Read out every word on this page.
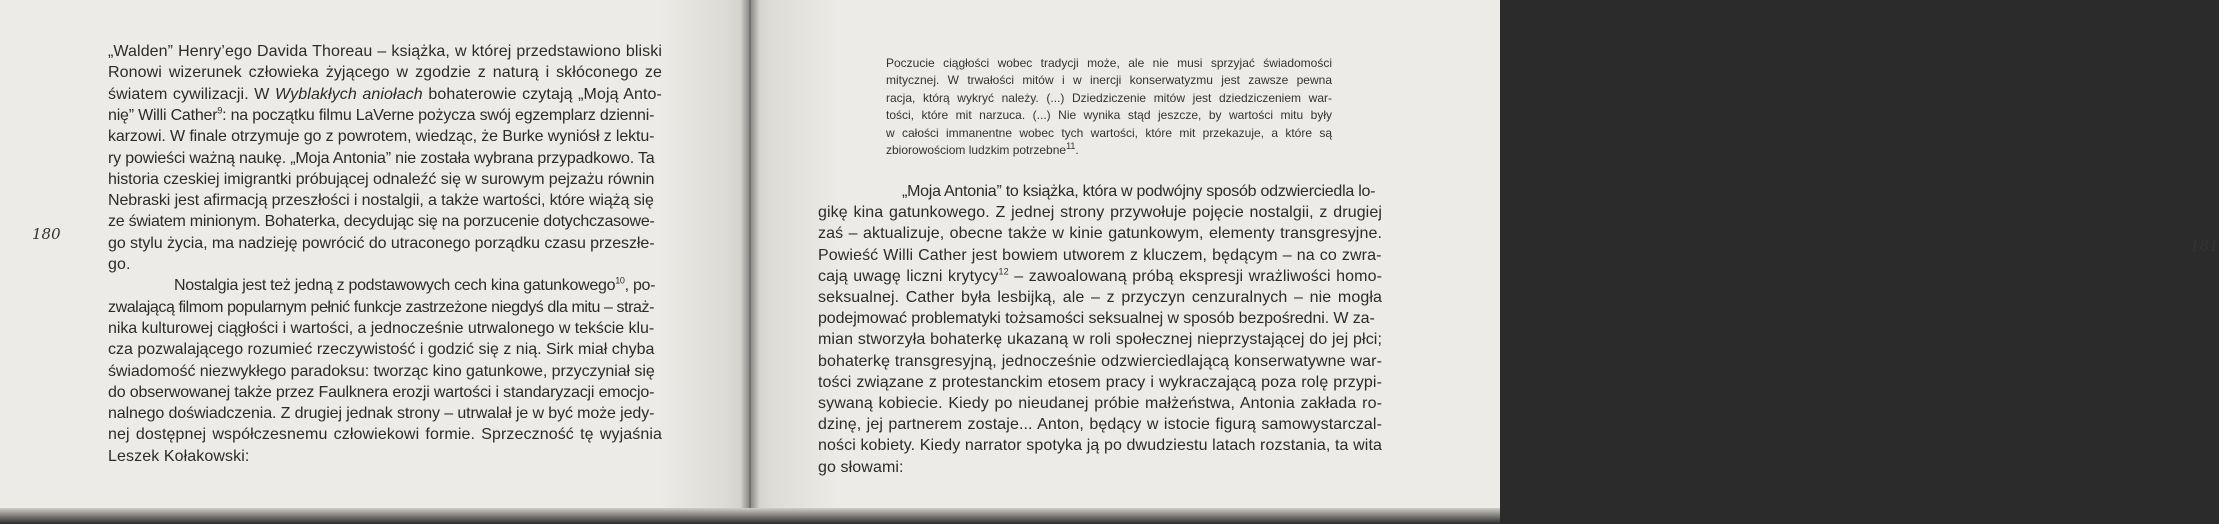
180
„Walden” Henry’ego Davida Thoreau – książka, w której przedstawiono bliski
Ronowi wizerunek człowieka żyjącego w zgodzie z naturą i skłóconego ze
światem cywilizacji. W Wyblakłych aniołach bohaterowie czytają „Moją Anto-
nię” Willi Cather$^9$: na początku filmu LaVerne pożycza swój egzemplarz dzienni-
karzowi. W finale otrzymuje go z powrotem, wiedząc, że Burke wyniósł z lektu-
ry powieści ważną naukę. „Moja Antonia” nie została wybrana przypadkowo. Ta
historia czeskiej imigrantki próbującej odnaleźć się w surowym pejzażu równin
Nebraski jest afirmacją przeszłości i nostalgii, a także wartości, które wiążą się
ze światem minionym. Bohaterka, decydując się na porzucenie dotychczasowe-
go stylu życia, ma nadzieję powrócić do utraconego porządku czasu przeszłe-
go.
Nostalgia jest też jedną z podstawowych cech kina gatunkowego$^{10}$, po-
zwalającą filmom popularnym pełnić funkcje zastrzeżone niegdyś dla mitu – straż-
nika kulturowej ciągłości i wartości, a jednocześnie utrwalonego w tekście klu-
cza pozwalającego rozumieć rzeczywistość i godzić się z nią. Sirk miał chyba
świadomość niezwykłego paradoksu: tworząc kino gatunkowe, przyczyniał się
do obserwowanej także przez Faulknera erozji wartości i standaryzacji emocjo-
nalnego doświadczenia. Z drugiej jednak strony – utrwalał je w być może jedy-
nej dostępnej współczesnemu człowiekowi formie. Sprzeczność tę wyjaśnia
Leszek Kołakowski:
181
Poczucie ciągłości wobec tradycji może, ale nie musi sprzyjać świadomości
mitycznej. W trwałości mitów i w inercji konserwatyzmu jest zawsze pewna
racja, którą wykryć należy. (...) Dziedziczenie mitów jest dziedziczeniem war-
tości, które mit narzuca. (...) Nie wynika stąd jeszcze, by wartości mitu były
w całości immanentne wobec tych wartości, które mit przekazuje, a które są
zbiorowościom ludzkim potrzebne$^{11}$.
„Moja Antonia” to książka, która w podwójny sposób odzwierciedla lo-
gikę kina gatunkowego. Z jednej strony przywołuje pojęcie nostalgii, z drugiej
zaś – aktualizuje, obecne także w kinie gatunkowym, elementy transgresyjne.
Powieść Willi Cather jest bowiem utworem z kluczem, będącym – na co zwra-
cają uwagę liczni krytycy$^{12}$ – zawoalowaną próbą ekspresji wrażliwości homo-
seksualnej. Cather była lesbijką, ale – z przyczyn cenzuralnych – nie mogła
podejmować problematyki tożsamości seksualnej w sposób bezpośredni. W za-
mian stworzyła bohaterkę ukazaną w roli społecznej nieprzystającej do jej płci;
bohaterkę transgresyjną, jednocześnie odzwierciedlającą konserwatywne war-
tości związane z protestanckim etosem pracy i wykraczającą poza rolę przypi-
sywaną kobiecie. Kiedy po nieudanej próbie małżeństwa, Antonia zakłada ro-
dzinę, jej partnerem zostaje... Anton, będący w istocie figurą samowystarczal-
ności kobiety. Kiedy narrator spotyka ją po dwudziestu latach rozstania, ta wita
go słowami:
